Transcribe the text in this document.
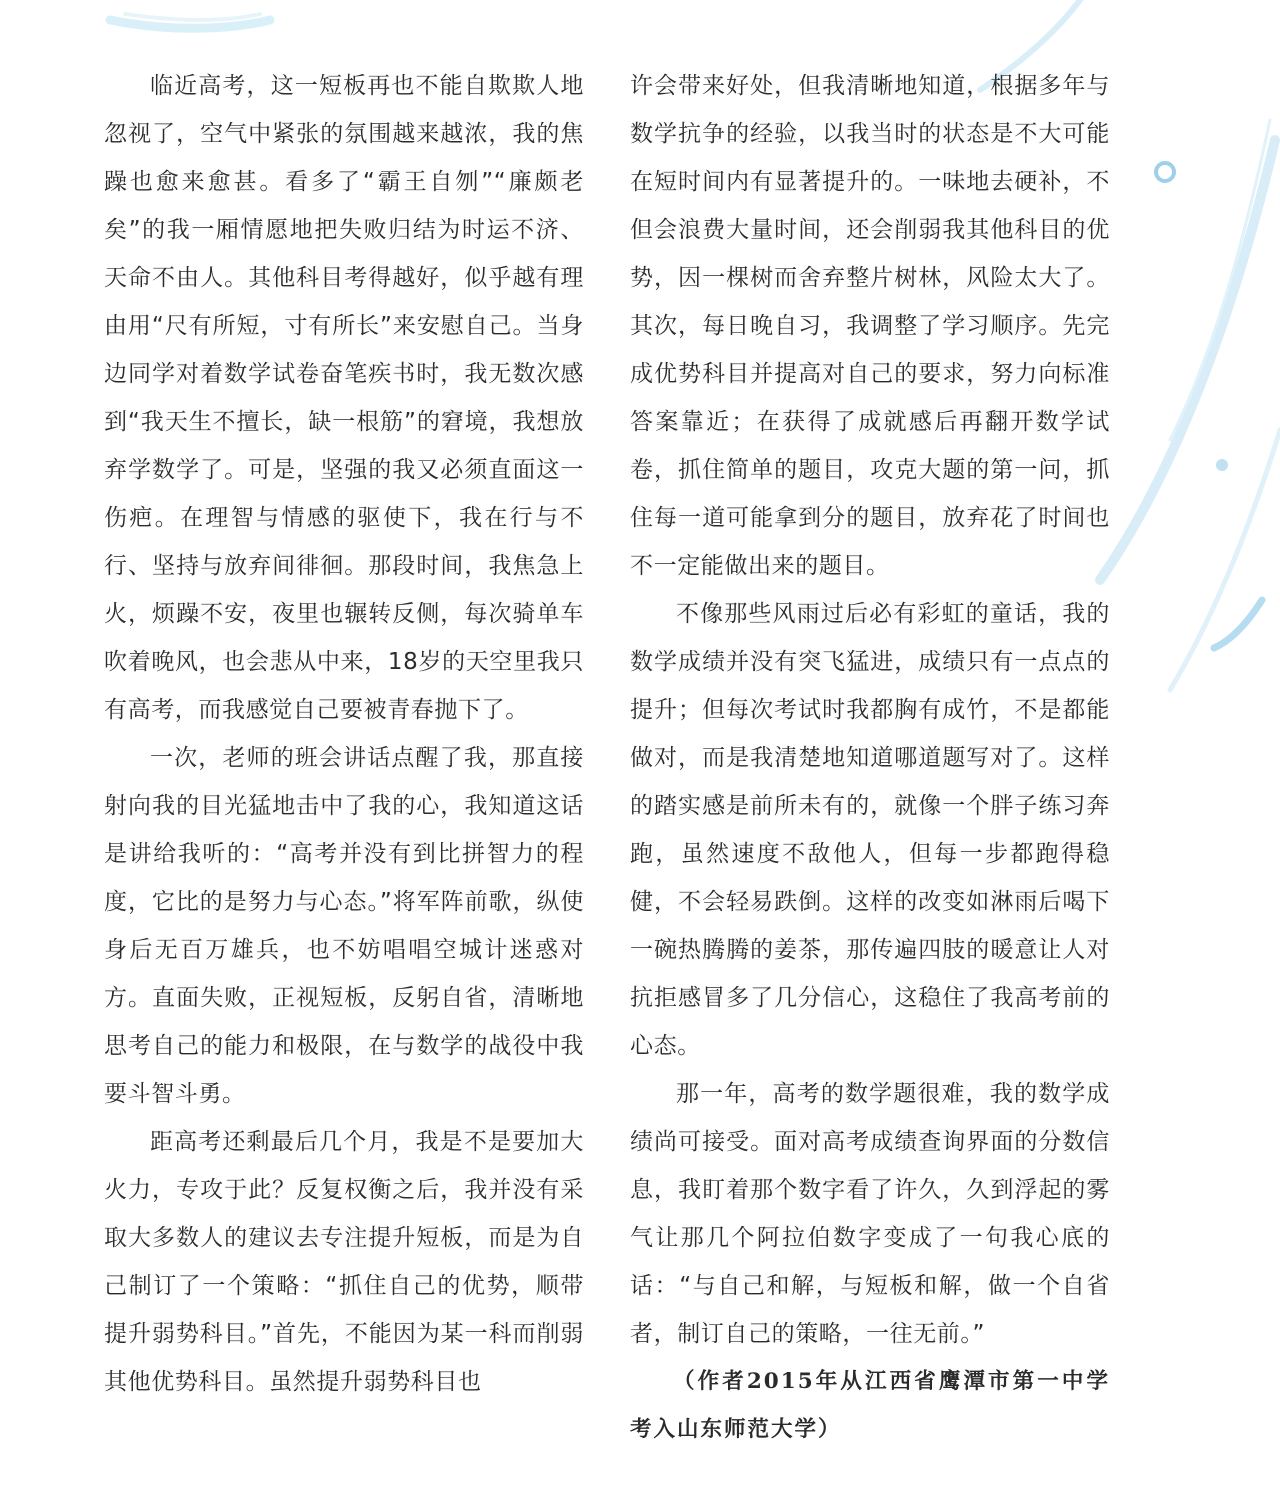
临近高考，这一短板再也不能自欺欺人地忽视了，空气中紧张的氛围越来越浓，我的焦躁也愈来愈甚。看多了“霸王自刎”“廉颇老矣”的我一厢情愿地把失败归结为时运不济、天命不由人。其他科目考得越好，似乎越有理由用“尺有所短，寸有所长”来安慰自己。当身边同学对着数学试卷奋笔疾书时，我无数次感到“我天生不擅长，缺一根筋”的窘境，我想放弃学数学了。可是，坚强的我又必须直面这一伤疤。在理智与情感的驱使下，我在行与不行、坚持与放弃间徘徊。那段时间，我焦急上火，烦躁不安，夜里也辗转反侧，每次骑单车吹着晚风，也会悲从中来，18岁的天空里我只有高考，而我感觉自己要被青春抛下了。

一次，老师的班会讲话点醒了我，那直接射向我的目光猛地击中了我的心，我知道这话是讲给我听的：“高考并没有到比拼智力的程度，它比的是努力与心态。”将军阵前歌，纵使身后无百万雄兵，也不妨唱唱空城计迷惑对方。直面失败，正视短板，反躬自省，清晰地思考自己的能力和极限，在与数学的战役中我要斗智斗勇。

距高考还剩最后几个月，我是不是要加大火力，专攻于此？反复权衡之后，我并没有采取大多数人的建议去专注提升短板，而是为自己制订了一个策略：“抓住自己的优势，顺带提升弱势科目。”首先，不能因为某一科而削弱其他优势科目。虽然提升弱势科目也

许会带来好处，但我清晰地知道，根据多年与数学抗争的经验，以我当时的状态是不大可能在短时间内有显著提升的。一味地去硬补，不但会浪费大量时间，还会削弱我其他科目的优势，因一棵树而舍弃整片树林，风险太大了。其次，每日晚自习，我调整了学习顺序。先完成优势科目并提高对自己的要求，努力向标准答案靠近；在获得了成就感后再翻开数学试卷，抓住简单的题目，攻克大题的第一问，抓住每一道可能拿到分的题目，放弃花了时间也不一定能做出来的题目。

不像那些风雨过后必有彩虹的童话，我的数学成绩并没有突飞猛进，成绩只有一点点的提升；但每次考试时我都胸有成竹，不是都能做对，而是我清楚地知道哪道题写对了。这样的踏实感是前所未有的，就像一个胖子练习奔跑，虽然速度不敌他人，但每一步都跑得稳健，不会轻易跌倒。这样的改变如淋雨后喝下一碗热腾腾的姜茶，那传遍四肢的暖意让人对抗拒感冒多了几分信心，这稳住了我高考前的心态。

那一年，高考的数学题很难，我的数学成绩尚可接受。面对高考成绩查询界面的分数信息，我盯着那个数字看了许久，久到浮起的雾气让那几个阿拉伯数字变成了一句我心底的话：“与自己和解，与短板和解，做一个自省者，制订自己的策略，一往无前。”

（作者2015年从江西省鹰潭市第一中学考入山东师范大学）
